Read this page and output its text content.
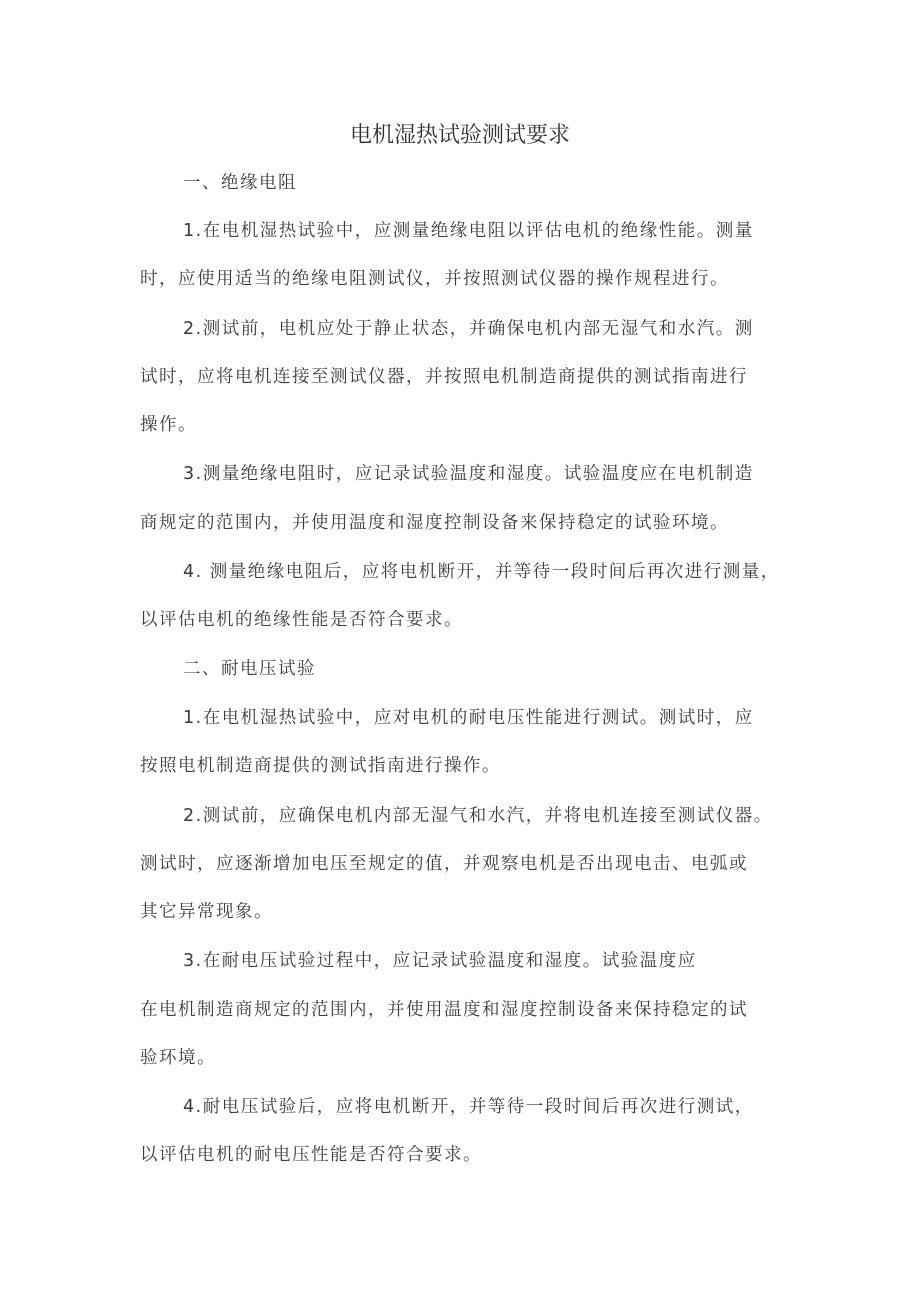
电机湿热试验测试要求
一、绝缘电阻
1.在电机湿热试验中，应测量绝缘电阻以评估电机的绝缘性能。测量
时，应使用适当的绝缘电阻测试仪，并按照测试仪器的操作规程进行。
2.测试前，电机应处于静止状态，并确保电机内部无湿气和水汽。测
试时，应将电机连接至测试仪器，并按照电机制造商提供的测试指南进行
操作。
3.测量绝缘电阻时，应记录试验温度和湿度。试验温度应在电机制造
商规定的范围内，并使用温度和湿度控制设备来保持稳定的试验环境。
4. 测量绝缘电阻后，应将电机断开，并等待一段时间后再次进行测量，
以评估电机的绝缘性能是否符合要求。
二、耐电压试验
1.在电机湿热试验中，应对电机的耐电压性能进行测试。测试时，应
按照电机制造商提供的测试指南进行操作。
2.测试前，应确保电机内部无湿气和水汽，并将电机连接至测试仪器。
测试时，应逐渐增加电压至规定的值，并观察电机是否出现电击、电弧或
其它异常现象。
3.在耐电压试验过程中，应记录试验温度和湿度。试验温度应
在电机制造商规定的范围内，并使用温度和湿度控制设备来保持稳定的试
验环境。
4.耐电压试验后，应将电机断开，并等待一段时间后再次进行测试，
以评估电机的耐电压性能是否符合要求。
